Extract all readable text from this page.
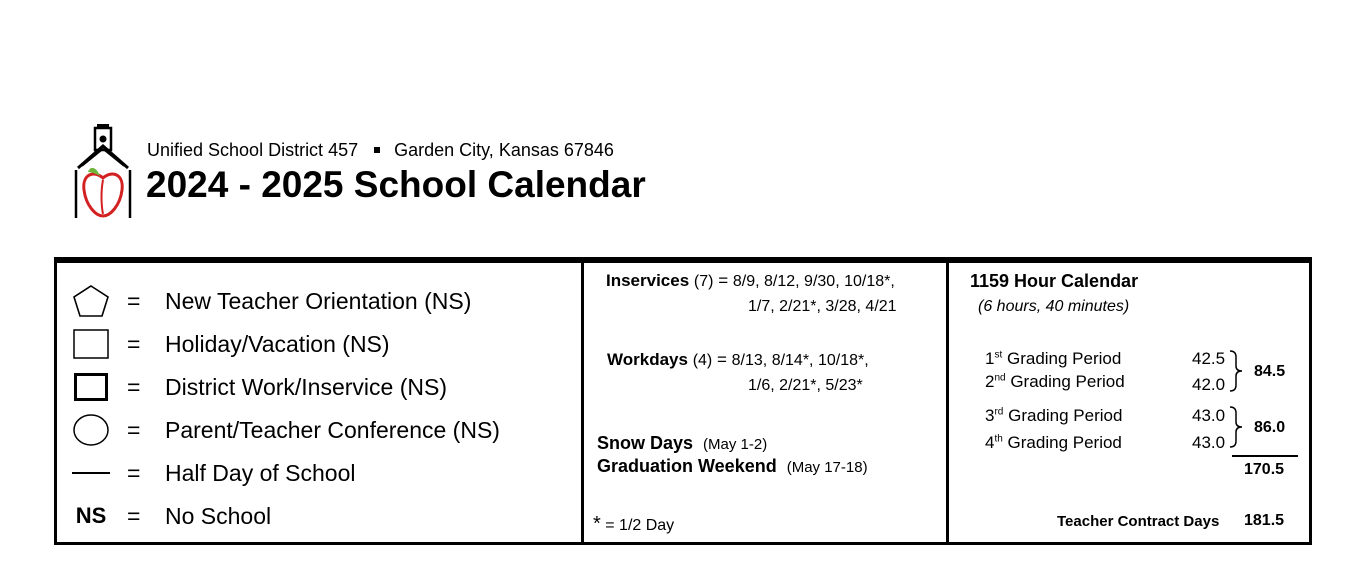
Unified School District 457 Garden City, Kansas 67846
2024 - 2025 School Calendar
=	New Teacher Orientation (NS)
=	Holiday/Vacation (NS)
=	District Work/Inservice (NS)
=	Parent/Teacher Conference (NS)
=	Half Day of School
NS =	No School
Inservices (7) = 8/9, 8/12, 9/30, 10/18*,
1/7, 2/21*, 3/28, 4/21
Workdays (4) = 8/13, 8/14*, 10/18*,
1/6, 2/21*, 5/23*
Snow Days (May 1-2)
Graduation Weekend (May 17-18)
* = 1/2 Day
1159 Hour Calendar
(6 hours, 40 minutes)
1st Grading Period	42.5
2nd Grading Period	42.0
3rd Grading Period	43.0
4th Grading Period	43.0
84.5
86.0
170.5
Teacher Contract Days 181.5
